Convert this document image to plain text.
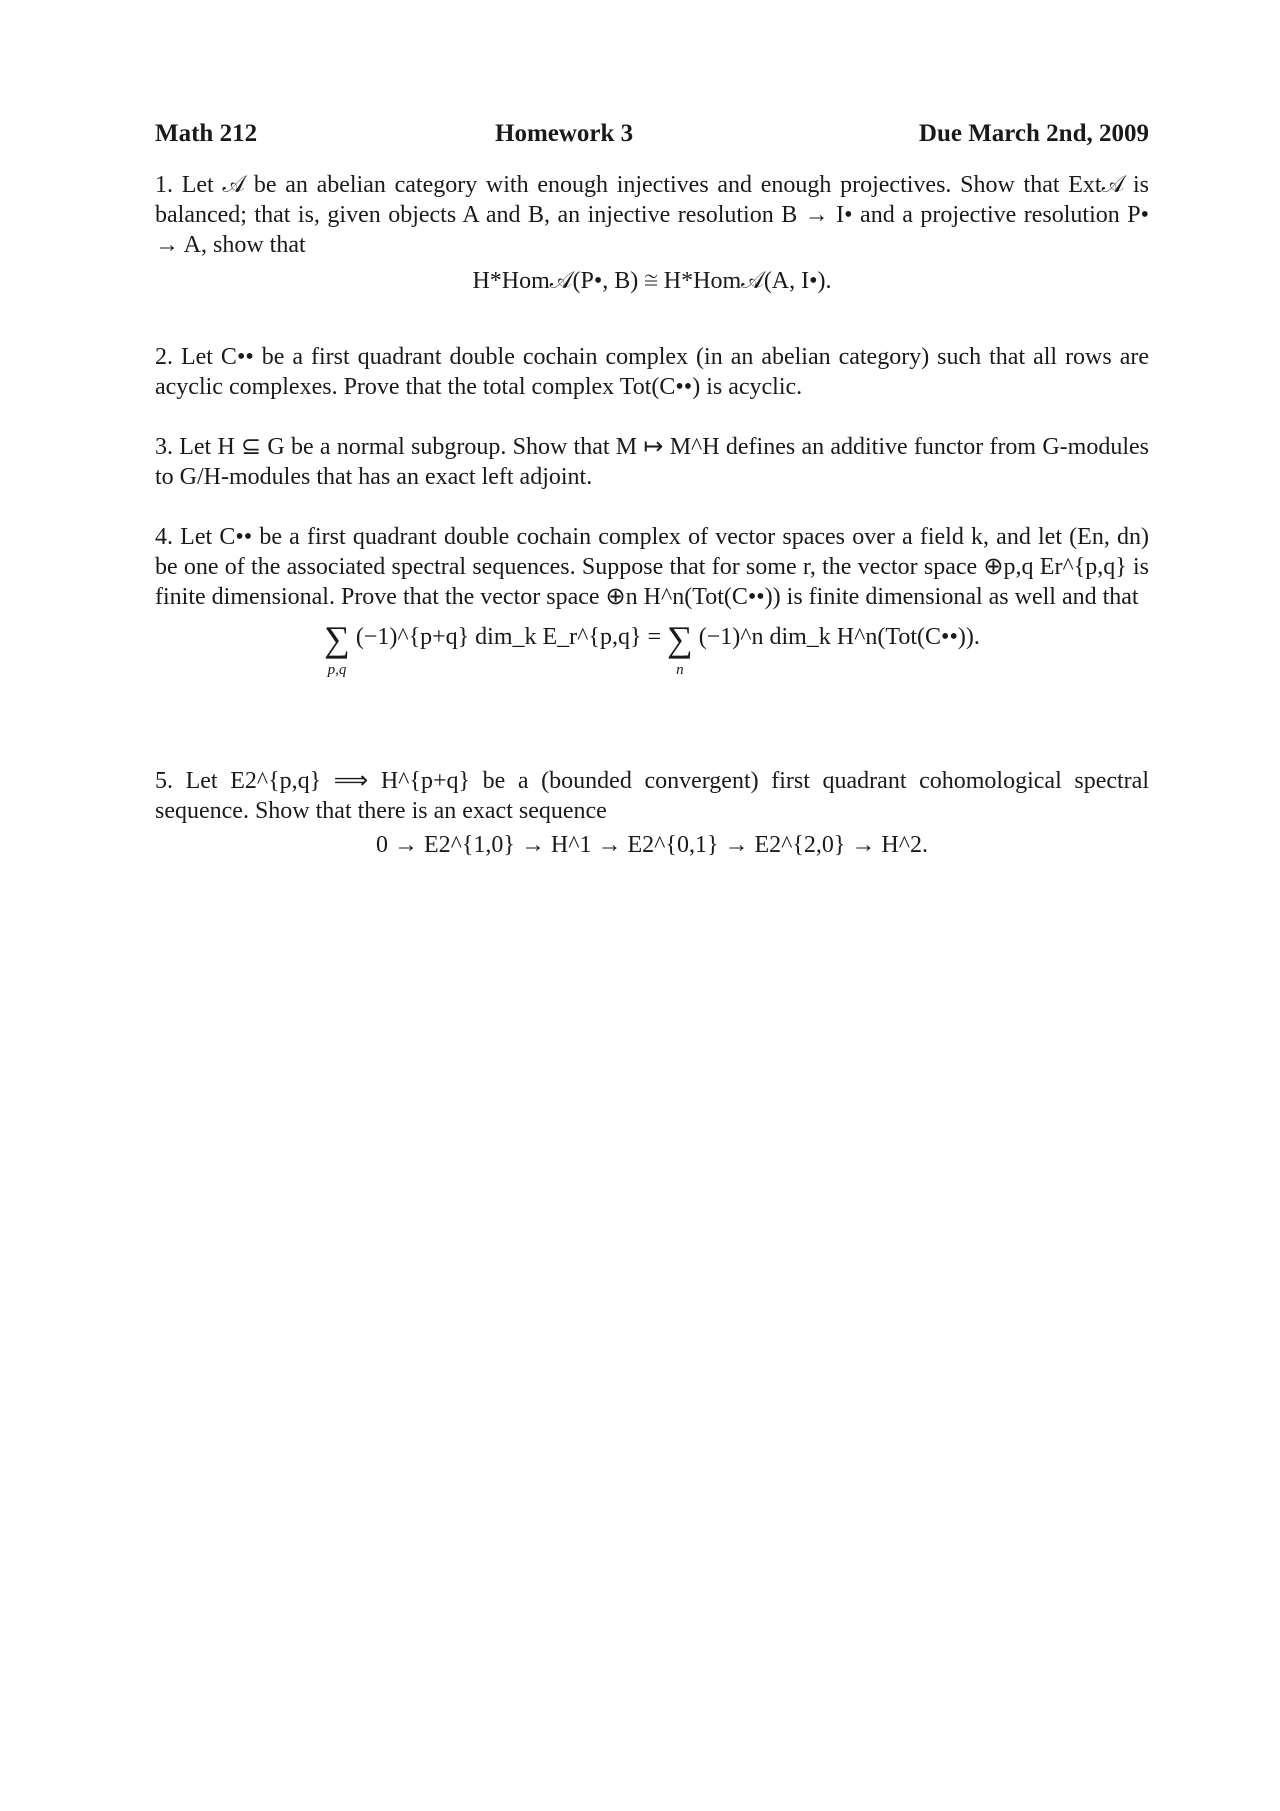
Math 212	Homework 3	Due March 2nd, 2009

1. Let 𝒜 be an abelian category with enough injectives and enough projectives. Show that Ext𝒜 is balanced; that is, given objects A and B, an injective resolution B → I• and a projective resolution P• → A, show that

H*Hom𝒜(P•, B) ≅ H*Hom𝒜(A, I•).

2. Let C•• be a first quadrant double cochain complex (in an abelian category) such that all rows are acyclic complexes. Prove that the total complex Tot(C••) is acyclic.

3. Let H ⊆ G be a normal subgroup. Show that M ↦ M^H defines an additive functor from G-modules to G/H-modules that has an exact left adjoint.

4. Let C•• be a first quadrant double cochain complex of vector spaces over a field k, and let (En, dn) be one of the associated spectral sequences. Suppose that for some r, the vector space ⊕p,q Er^{p,q} is finite dimensional. Prove that the vector space ⊕n H^n(Tot(C••)) is finite dimensional as well and that

∑
p,q
(−1)^{p+q} dim_k E_r^{p,q} = ∑
n
(−1)^n dim_k H^n(Tot(C••)).

5. Let E2^{p,q} ⟹ H^{p+q} be a (bounded convergent) first quadrant cohomological spectral sequence. Show that there is an exact sequence

0 → E2^{1,0} → H^1 → E2^{0,1} → E2^{2,0} → H^2.
